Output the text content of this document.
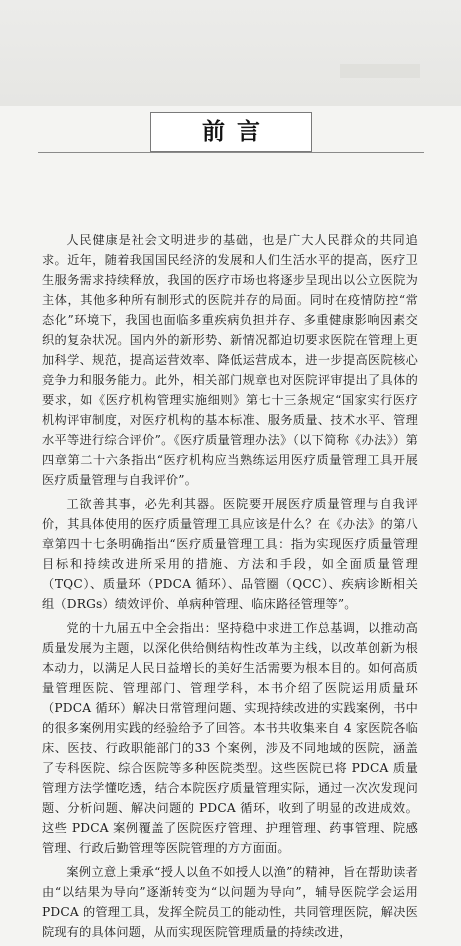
前言

人民健康是社会文明进步的基础，也是广大人民群众的共同追求。近年，随着我国国民经济的发展和人们生活水平的提高，医疗卫生服务需求持续释放，我国的医疗市场也将逐步呈现出以公立医院为主体，其他多种所有制形式的医院并存的局面。同时在疫情防控“常态化”环境下，我国也面临多重疾病负担并存、多重健康影响因素交织的复杂状况。国内外的新形势、新情况都迫切要求医院在管理上更加科学、规范，提高运营效率、降低运营成本，进一步提高医院核心竞争力和服务能力。此外，相关部门规章也对医院评审提出了具体的要求，如《医疗机构管理实施细则》第七十三条规定“国家实行医疗机构评审制度，对医疗机构的基本标准、服务质量、技术水平、管理水平等进行综合评价”。《医疗质量管理办法》（以下简称《办法》）第四章第二十六条指出“医疗机构应当熟练运用医疗质量管理工具开展医疗质量管理与自我评价”。

工欲善其事，必先利其器。医院要开展医疗质量管理与自我评价，其具体使用的医疗质量管理工具应该是什么？在《办法》的第八章第四十七条明确指出“医疗质量管理工具：指为实现医疗质量管理目标和持续改进所采用的措施、方法和手段，如全面质量管理（TQC）、质量环（PDCA 循环）、品管圈（QCC）、疾病诊断相关组（DRGs）绩效评价、单病种管理、临床路径管理等”。

党的十九届五中全会指出：坚持稳中求进工作总基调，以推动高质量发展为主题，以深化供给侧结构性改革为主线，以改革创新为根本动力，以满足人民日益增长的美好生活需要为根本目的。如何高质量管理医院、管理部门、管理学科，本书介绍了医院运用质量环（PDCA 循环）解决日常管理问题、实现持续改进的实践案例，书中的很多案例用实践的经验给予了回答。本书共收集来自 4 家医院各临床、医技、行政职能部门的33 个案例，涉及不同地域的医院，涵盖了专科医院、综合医院等多种医院类型。这些医院已将 PDCA 质量管理方法学懂吃透，结合本院医疗质量管理实际，通过一次次发现问题、分析问题、解决问题的 PDCA 循环，收到了明显的改进成效。这些 PDCA 案例覆盖了医院医疗管理、护理管理、药事管理、院感管理、行政后勤管理等医院管理的方方面面。

案例立意上秉承“授人以鱼不如授人以渔”的精神，旨在帮助读者由“以结果为导向”逐渐转变为“以问题为导向”，辅导医院学会运用 PDCA 的管理工具，发挥全院员工的能动性，共同管理医院，解决医院现有的具体问题，从而实现医院管理质量的持续改进，
